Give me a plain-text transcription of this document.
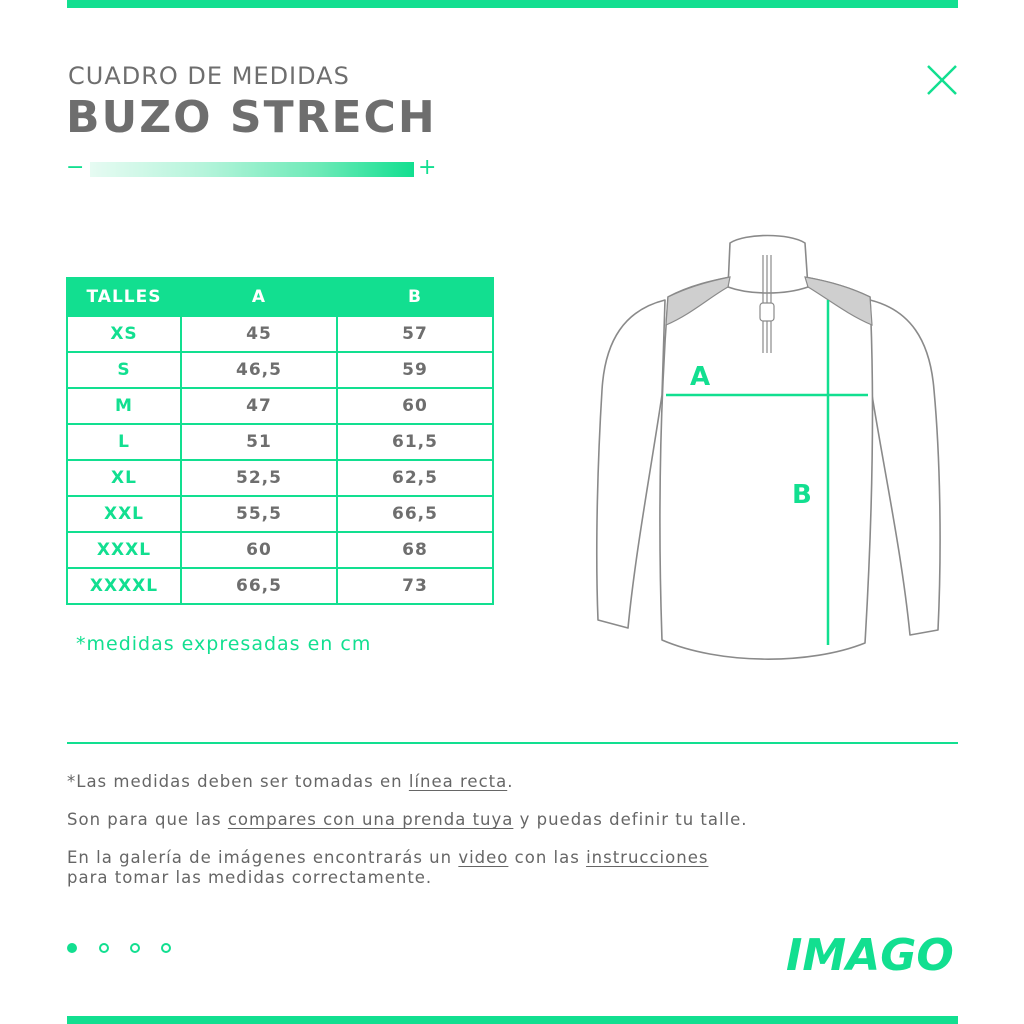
CUADRO DE MEDIDAS
BUZO STRECH
−	+
TALLES	A	B
XS	45	57
S	46,5	59
M	47	60
L	51	61,5
XL	52,5	62,5
XXL	55,5	66,5
XXXL	60	68
XXXXL	66,5	73
*medidas expresadas en cm
A
B
*Las medidas deben ser tomadas en línea recta.
Son para que las compares con una prenda tuya y puedas definir tu talle.
En la galería de imágenes encontrarás un video con las instrucciones
para tomar las medidas correctamente.
IMAGO
